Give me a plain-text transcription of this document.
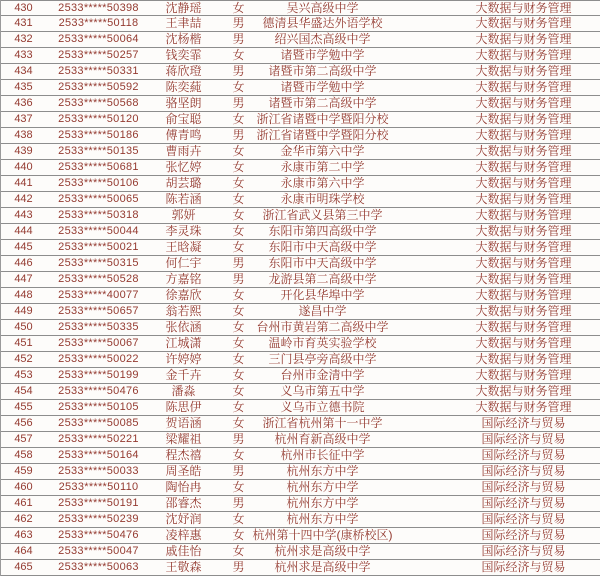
430	2533*****50398	沈静瑶	女	吴兴高级中学	大数据与财务管理
431	2533*****50118	王聿喆	男	德清县华盛达外语学校	大数据与财务管理
432	2533*****50064	沈杨楷	男	绍兴国杰高级中学	大数据与财务管理
433	2533*****50257	钱奕霏	女	诸暨市学勉中学	大数据与财务管理
434	2533*****50331	蒋欣璒	男	诸暨市第二高级中学	大数据与财务管理
435	2533*****50592	陈奕蒓	女	诸暨市学勉中学	大数据与财务管理
436	2533*****50568	骆坚朗	男	诸暨市第二高级中学	大数据与财务管理
437	2533*****50120	俞宝聪	女	浙江省诸暨中学暨阳分校	大数据与财务管理
438	2533*****50186	傅青鸣	男	浙江省诸暨中学暨阳分校	大数据与财务管理
439	2533*****50135	曹雨卉	女	金华市第六中学	大数据与财务管理
440	2533*****50681	张忆婷	女	永康市第二中学	大数据与财务管理
441	2533*****50106	胡芸璐	女	永康市第六中学	大数据与财务管理
442	2533*****50065	陈若涵	女	永康市明珠学校	大数据与财务管理
443	2533*****50318	郭妍	女	浙江省武义县第三中学	大数据与财务管理
444	2533*****50044	李灵珠	女	东阳市第四高级中学	大数据与财务管理
445	2533*****50021	王晗凝	女	东阳市中天高级中学	大数据与财务管理
446	2533*****50315	何仁宇	男	东阳市中天高级中学	大数据与财务管理
447	2533*****50528	方嘉铭	男	龙游县第二高级中学	大数据与财务管理
448	2533*****40077	徐嘉欣	女	开化县华埠中学	大数据与财务管理
449	2533*****50657	翁若熙	女	遂昌中学	大数据与财务管理
450	2533*****50335	张依涵	女	台州市黄岩第二高级中学	大数据与财务管理
451	2533*****50067	江城潇	女	温岭市育英实验学校	大数据与财务管理
452	2533*****50022	许婷婷	女	三门县亭旁高级中学	大数据与财务管理
453	2533*****50199	金千卉	女	台州市金清中学	大数据与财务管理
454	2533*****50476	潘淼	女	义乌市第五中学	大数据与财务管理
455	2533*****50105	陈思伊	女	义乌市立德书院	大数据与财务管理
456	2533*****50085	贺语涵	女	浙江省杭州第十一中学	国际经济与贸易
457	2533*****50221	梁耀祖	男	杭州育新高级中学	国际经济与贸易
458	2533*****50164	程杰禧	女	杭州市长征中学	国际经济与贸易
459	2533*****50033	周圣皓	男	杭州东方中学	国际经济与贸易
460	2533*****50110	陶怡冉	女	杭州东方中学	国际经济与贸易
461	2533*****50191	邵睿杰	男	杭州东方中学	国际经济与贸易
462	2533*****50239	沈妤润	女	杭州东方中学	国际经济与贸易
463	2533*****50476	凌梓惠	女 杭州第十四中学(康桥校区)	国际经济与贸易
464	2533*****50047	戚佳怡	女	杭州求是高级中学	国际经济与贸易
465	2533*****50063	王敬森	男	杭州求是高级中学	国际经济与贸易
